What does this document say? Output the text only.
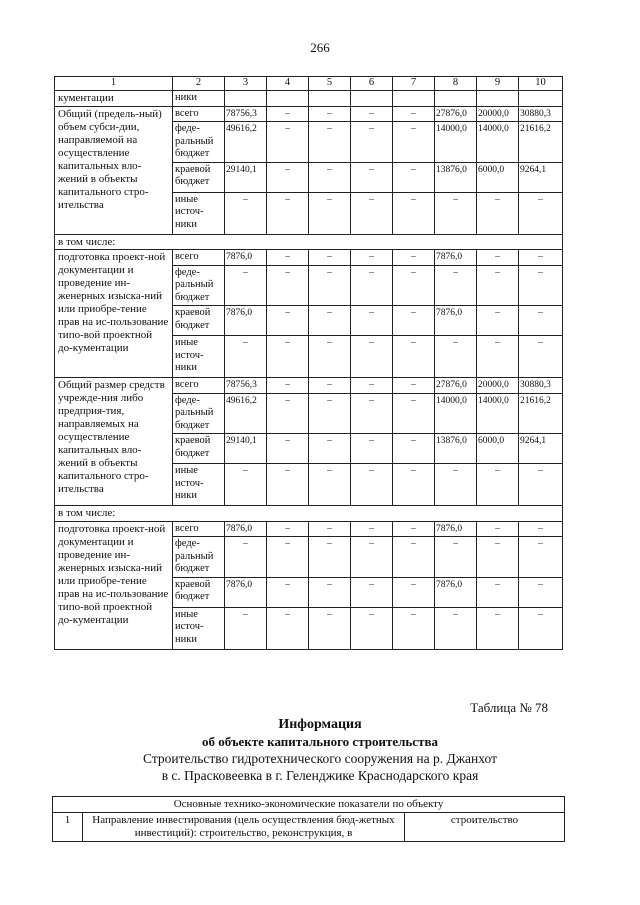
266
1	2	3	4	5	6	7	8	9	10
кументации	ники								
Общий (предель-ный) объем субси-дии, направляемой на осуществление капитальных вло-жений в объекты капитального стро-ительства	всего	78756,3	–	–	–	–	27876,0	20000,0	30880,3
	феде-ральный бюджет	49616,2	–	–	–	–	14000,0	14000,0	21616,2
	краевой бюджет	29140,1	–	–	–	–	13876,0	6000,0	9264,1
	иные источ-ники	–	–	–	–	–	–	–	–
в том числе:									
подготовка проект-ной документации и проведение ин-женерных изыска-ний или приобре-тение прав на ис-пользование типо-вой проектной до-кументации	всего	7876,0	–	–	–	–	7876,0	–	–
	феде-ральный бюджет	–	–	–	–	–	–	–	–
	краевой бюджет	7876,0	–	–	–	–	7876,0	–	–
	иные источ-ники	–	–	–	–	–	–	–	–
Общий размер средств учрежде-ния либо предприя-тия, направляемых на осуществление капитальных вло-жений в объекты капитального стро-ительства	всего	78756,3	–	–	–	–	27876,0	20000,0	30880,3
	феде-ральный бюджет	49616,2	–	–	–	–	14000,0	14000,0	21616,2
	краевой бюджет	29140,1	–	–	–	–	13876,0	6000,0	9264,1
	иные источ-ники	–	–	–	–	–	–	–	–
в том числе:									
подготовка проект-ной документации и проведение ин-женерных изыска-ний или приобре-тение прав на ис-пользование типо-вой проектной до-кументации	всего	7876,0	–	–	–	–	7876,0	–	–
	феде-ральный бюджет	–	–	–	–	–	–	–	–
	краевой бюджет	7876,0	–	–	–	–	7876,0	–	–
	иные источ-ники	–	–	–	–	–	–	–	–
Таблица № 78
Информация
об объекте капитального строительства
Строительство гидротехнического сооружения на р. Джанхот
в с. Прасковеевка в г. Геленджике Краснодарского края
Основные технико-экономические показатели по объекту
1	Направление инвестирования (цель осуществления бюд-жетных инвестиций): строительство, реконструкция, в	строительство
